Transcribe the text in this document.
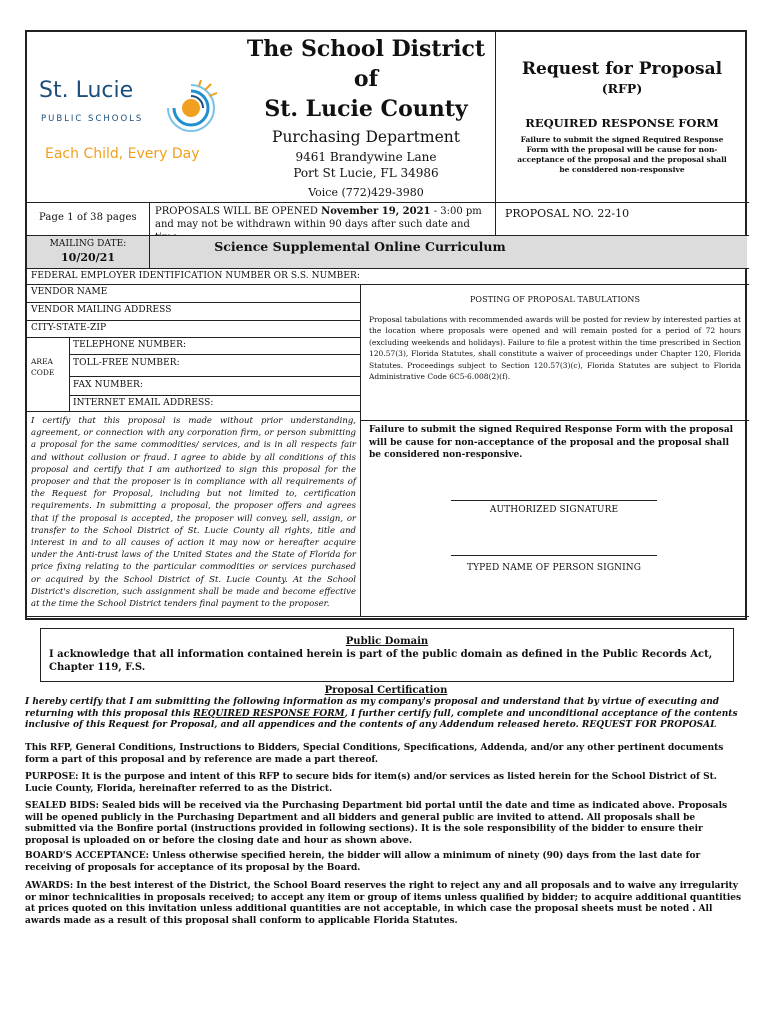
St. Lucie
PUBLIC SCHOOLS
Each Child, Every Day
The School District
of
St. Lucie County
Purchasing Department
9461 Brandywine Lane
Port St Lucie, FL 34986
Voice (772)429-3980
Request for Proposal
(RFP)
REQUIRED RESPONSE FORM
Failure to submit the signed Required Response Form with the proposal will be cause for non-acceptance of the proposal and the proposal shall be considered non-responsive
Page 1 of 38 pages
PROPOSALS WILL BE OPENED November 19, 2021 - 3:00 pm and may not be withdrawn within 90 days after such date and
PROPOSAL NO. 22-10
MAILING DATE:
10/20/21
Science Supplemental Online Curriculum
FEDERAL EMPLOYER IDENTIFICATION NUMBER OR S.S. NUMBER:
VENDOR NAME
VENDOR MAILING ADDRESS
CITY-STATE-ZIP
AREA CODE
TELEPHONE NUMBER:
TOLL-FREE NUMBER:
FAX NUMBER:
INTERNET EMAIL ADDRESS:
I certify that this proposal is made without prior understanding, agreement, or connection with any corporation firm, or person submitting a proposal for the same commodities/ services, and is in all respects fair and without collusion or fraud. I agree to abide by all conditions of this proposal and certify that I am authorized to sign this proposal for the proposer and that the proposer is in compliance with all requirements of the Request for Proposal, including but not limited to, certification requirements. In submitting a proposal, the proposer offers and agrees that if the proposal is accepted, the proposer will convey, sell, assign, or transfer to the School District of St. Lucie County all rights, title and interest in and to all causes of action it may now or hereafter acquire under the Anti-trust laws of the United States and the State of Florida for price fixing relating to the particular commodities or services purchased or acquired by the School District of St. Lucie County. At the School District's discretion, such assignment shall be made and become effective at the time the School District tenders final payment to the proposer.
POSTING OF PROPOSAL TABULATIONS
Proposal tabulations with recommended awards will be posted for review by interested parties at the location where proposals were opened and will remain posted for a period of 72 hours (excluding weekends and holidays). Failure to file a protest within the time prescribed in Section 120.57(3), Florida Statutes, shall constitute a waiver of proceedings under Chapter 120, Florida Statutes. Proceedings subject to Section 120.57(3)(c), Florida Statutes are subject to Florida Administrative Code 6C5-6.008(2)(f).
Failure to submit the signed Required Response Form with the proposal will be cause for non-acceptance of the proposal and the proposal shall be considered non-responsive.
AUTHORIZED SIGNATURE
TYPED NAME OF PERSON SIGNING
Public Domain
I acknowledge that all information contained herein is part of the public domain as defined in the Public Records Act, Chapter 119, F.S.
Proposal Certification
I hereby certify that I am submitting the following information as my company's proposal and understand that by virtue of executing and returning with this proposal this REQUIRED RESPONSE FORM, I further certify full, complete and unconditional acceptance of the contents inclusive of this Request for Proposal, and all appendices and the contents of any Addendum released hereto. REQUEST FOR PROPOSAL
This RFP, General Conditions, Instructions to Bidders, Special Conditions, Specifications, Addenda, and/or any other pertinent documents form a part of this proposal and by reference are made a part thereof.
PURPOSE: It is the purpose and intent of this RFP to secure bids for item(s) and/or services as listed herein for the School District of St. Lucie County, Florida, hereinafter referred to as the District.
SEALED BIDS: Sealed bids will be received via the Purchasing Department bid portal until the date and time as indicated above. Proposals will be opened publicly in the Purchasing Department and all bidders and general public are invited to attend. All proposals shall be submitted via the Bonfire portal (instructions provided in following sections). It is the sole responsibility of the bidder to ensure their proposal is uploaded on or before the closing date and hour as shown above.
BOARD'S ACCEPTANCE: Unless otherwise specified herein, the bidder will allow a minimum of ninety (90) days from the last date for receiving of proposals for acceptance of its proposal by the Board.
AWARDS: In the best interest of the District, the School Board reserves the right to reject any and all proposals and to waive any irregularity or minor technicalities in proposals received; to accept any item or group of items unless qualified by bidder; to acquire additional quantities at prices quoted on this invitation unless additional quantities are not acceptable, in which case the proposal sheets must be noted . All awards made as a result of this proposal shall conform to applicable Florida Statutes.
